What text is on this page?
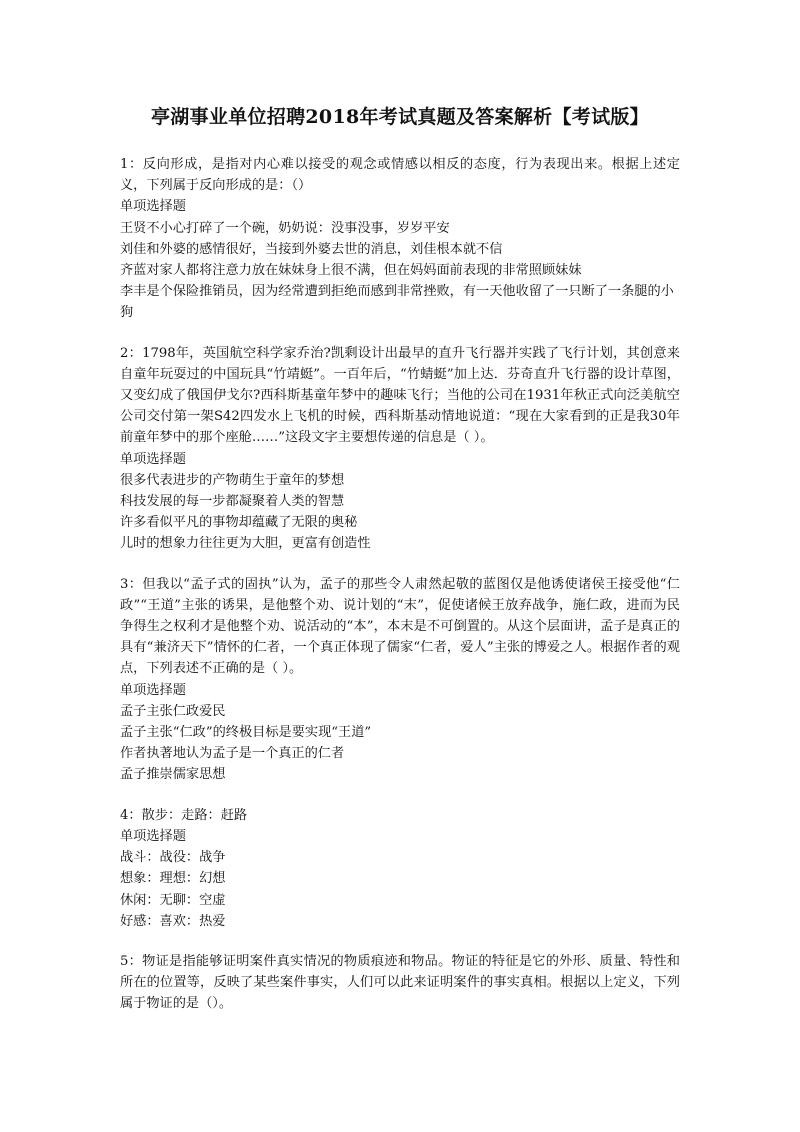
亭湖事业单位招聘2018年考试真题及答案解析【考试版】

1：反向形成，是指对内心难以接受的观念或情感以相反的态度，行为表现出来。根据上述定义，下列属于反向形成的是：（）

单项选择题

王贤不小心打碎了一个碗，奶奶说：没事没事，岁岁平安

刘佳和外婆的感情很好，当接到外婆去世的消息，刘佳根本就不信

齐蓝对家人都将注意力放在妹妹身上很不满，但在妈妈面前表现的非常照顾妹妹

李丰是个保险推销员，因为经常遭到拒绝而感到非常挫败，有一天他收留了一只断了一条腿的小狗

2：1798年，英国航空科学家乔治?凯剩设计出最早的直升飞行器并实践了飞行计划，其创意来自童年玩耍过的中国玩具“竹靖蜓”。一百年后，“竹蜻蜓”加上达．芬奇直升飞行器的设计草图，又变幻成了俄国伊戈尔?西科斯基童年梦中的趣味飞行；当他的公司在1931年秋正式向泛美航空公司交付第一架S42四发水上飞机的时候，西科斯基动情地说道：“现在大家看到的正是我30年前童年梦中的那个座舱……”这段文字主要想传递的信息是（ ）。

单项选择题

很多代表进步的产物萌生于童年的梦想

科技发展的每一步都凝聚着人类的智慧

许多看似平凡的事物却蕴藏了无限的奥秘

儿时的想象力往往更为大胆，更富有创造性

3：但我以“孟子式的固执”认为，孟子的那些令人肃然起敬的蓝图仅是他诱使诸侯王接受他“仁政”“王道”主张的诱果，是他整个劝、说计划的“末”，促使诸候王放弃战争，施仁政，进而为民争得生之权利才是他整个劝、说活动的“本”，本末是不可倒置的。从这个层面讲，孟子是真正的具有“兼济天下”情怀的仁者，一个真正体现了儒家“仁者，爱人”主张的博爱之人。根据作者的观点，下列表述不正确的是（ ）。

单项选择题

孟子主张仁政爱民

孟子主张“仁政”的终极目标是要实现“王道”

作者执著地认为孟子是一个真正的仁者

孟子推崇儒家思想

4：散步：走路：赶路

单项选择题

战斗：战役：战争

想象：理想：幻想

休闲：无聊：空虚

好感：喜欢：热爱

5：物证是指能够证明案件真实情况的物质痕迹和物品。物证的特征是它的外形、质量、特性和所在的位置等，反映了某些案件事实，人们可以此来证明案件的事实真相。根据以上定义，下列属于物证的是（）。
